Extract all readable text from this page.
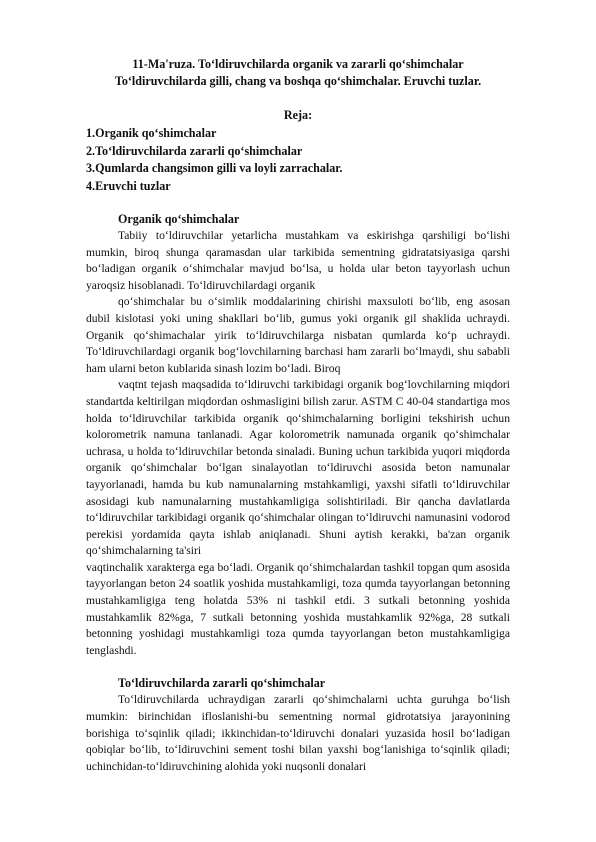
11-Ma'ruza. To‘ldiruvchilarda organik va zararli qo‘shimchalar
To‘ldiruvchilarda gilli, chang va boshqa qo‘shimchalar. Eruvchi tuzlar.
Reja:
1.Organik qo‘shimchalar
2.To‘ldiruvchilarda zararli qo‘shimchalar
3.Qumlarda changsimon gilli va loyli zarrachalar.
4.Eruvchi tuzlar
Organik qo‘shimchalar

Tabiiy to‘ldiruvchilar yetarlicha mustahkam va eskirishga qarshiligi bo‘lishi mumkin, biroq shunga qaramasdan ular tarkibida sementning gidratatsiyasiga qarshi bo‘ladigan organik o‘shimchalar mavjud bo‘lsa, u holda ular beton tayyorlash uchun yaroqsiz hisoblanadi. To‘ldiruvchilardagi organik

qo‘shimchalar bu o‘simlik moddalarining chirishi maxsuloti bo‘lib, eng asosan dubil kislotasi yoki uning shakllari bo‘lib, gumus yoki organik gil shaklida uchraydi. Organik qo‘shimachalar yirik to‘ldiruvchilarga nisbatan qumlarda ko‘p uchraydi. To‘ldiruvchilardagi organik bog‘lovchilarning barchasi ham zararli bo‘lmaydi, shu sababli ham ularni beton kublarida sinash lozim bo‘ladi. Biroq

vaqtnt tejash maqsadida to‘ldiruvchi tarkibidagi organik bog‘lovchilarning miqdori standartda keltirilgan miqdordan oshmasligini bilish zarur. ASTM C 40-04 standartiga mos holda to‘ldiruvchilar tarkibida organik qo‘shimchalarning borligini tekshirish uchun kolorometrik namuna tanlanadi. Agar kolorometrik namunada organik qo‘shimchalar uchrasa, u holda to‘ldiruvchilar betonda sinaladi. Buning uchun tarkibida yuqori miqdorda organik qo‘shimchalar bo‘lgan sinalayotlan to‘ldiruvchi asosida beton namunalar tayyorlanadi, hamda bu kub namunalarning mstahkamligi, yaxshi sifatli to‘ldiruvchilar asosidagi kub namunalarning mustahkamligiga solishtiriladi. Bir qancha davlatlarda to‘ldiruvchilar tarkibidagi organik qo‘shimchalar olingan to‘ldiruvchi namunasini vodorod perekisi yordamida qayta ishlab aniqlanadi. Shuni aytish kerakki, ba'zan organik qo‘shimchalarning ta'siri

vaqtinchalik xarakterga ega bo‘ladi. Organik qo‘shimchalardan tashkil topgan qum asosida tayyorlangan beton 24 soatlik yoshida mustahkamligi, toza qumda tayyorlangan betonning mustahkamligiga teng holatda 53% ni tashkil etdi. 3 sutkali betonning yoshida mustahkamlik 82%ga, 7 sutkali betonning yoshida mustahkamlik 92%ga, 28 sutkali betonning yoshidagi mustahkamligi toza qumda tayyorlangan beton mustahkamligiga tenglashdi.

To‘ldiruvchilarda zararli qo‘shimchalar

To‘ldiruvchilarda uchraydigan zararli qo‘shimchalarni uchta guruhga bo‘lish mumkin: birinchidan ifloslanishi-bu sementning normal gidrotatsiya jarayonining borishiga to‘sqinlik qiladi; ikkinchidan-to‘ldiruvchi donalari yuzasida hosil bo‘ladigan qobiqlar bo‘lib, to‘ldiruvchini sement toshi bilan yaxshi bog‘lanishiga to‘sqinlik qiladi; uchinchidan-to‘ldiruvchining alohida yoki nuqsonli donalari
